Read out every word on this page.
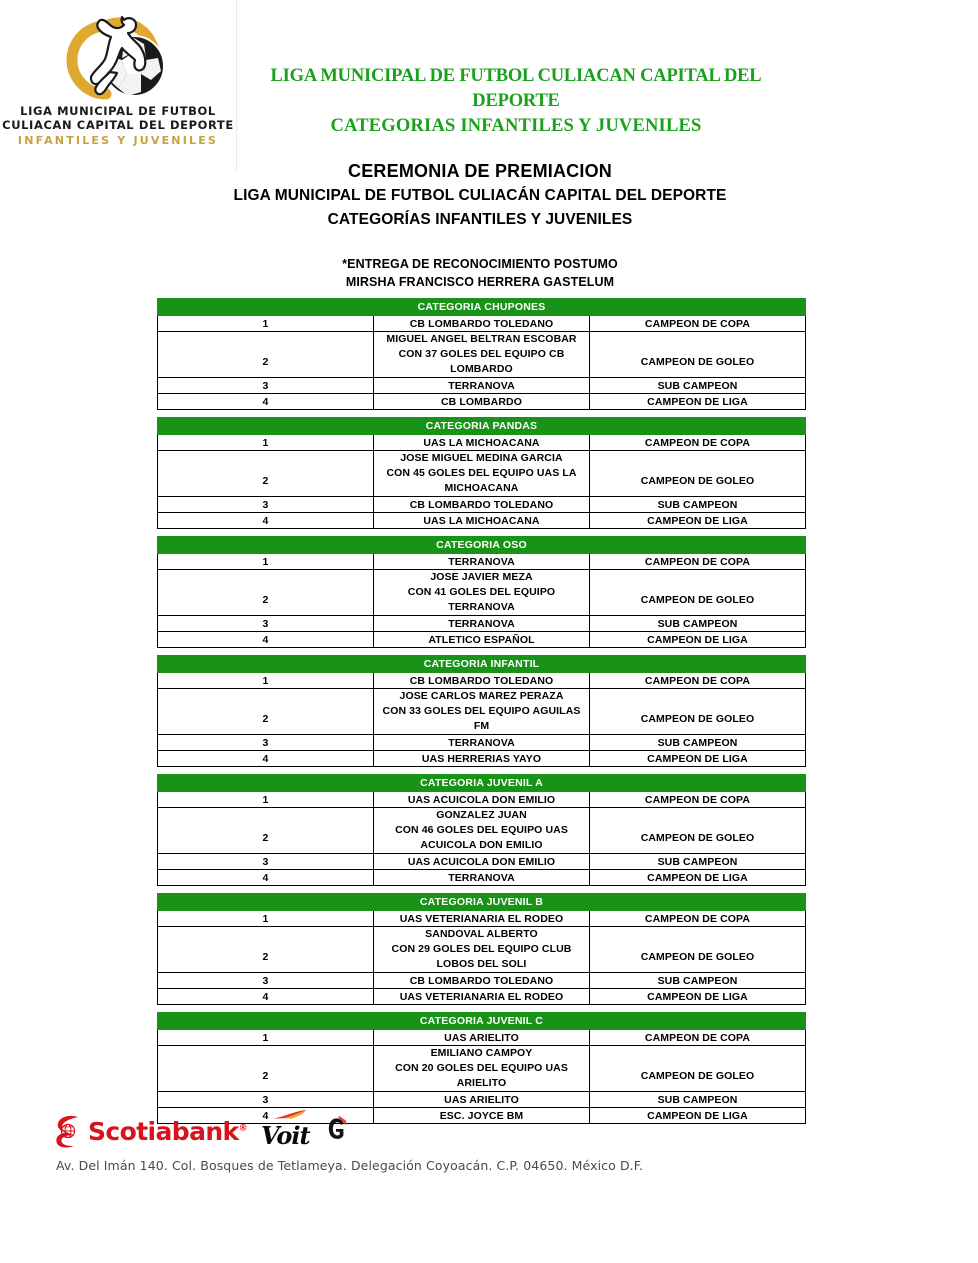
LIGA MUNICIPAL DE FUTBOL
CULIACAN CAPITAL DEL DEPORTE
INFANTILES Y JUVENILES
LIGA MUNICIPAL DE FUTBOL CULIACAN CAPITAL DEL DEPORTE
CATEGORIAS INFANTILES Y JUVENILES
CEREMONIA DE PREMIACION
LIGA MUNICIPAL DE FUTBOL CULIACÁN CAPITAL DEL DEPORTE
CATEGORÍAS INFANTILES Y JUVENILES
*ENTREGA DE RECONOCIMIENTO POSTUMO
MIRSHA FRANCISCO HERRERA GASTELUM
CATEGORIA CHUPONES		
1	CB LOMBARDO TOLEDANO	CAMPEON DE COPA

2	MIGUEL ANGEL BELTRAN ESCOBAR
CON 37 GOLES DEL EQUIPO CB LOMBARDO	CAMPEON DE GOLEO

3	TERRANOVA	SUB CAMPEON
4	CB LOMBARDO	CAMPEON DE LIGA
CATEGORIA PANDAS		
1	UAS LA MICHOACANA	CAMPEON DE COPA

2	JOSE MIGUEL MEDINA GARCIA
CON 45 GOLES DEL EQUIPO UAS LA MICHOACANA	CAMPEON DE GOLEO

3	CB LOMBARDO TOLEDANO	SUB CAMPEON
4	UAS LA MICHOACANA	CAMPEON DE LIGA
CATEGORIA OSO		
1	TERRANOVA	CAMPEON DE COPA

2	JOSE JAVIER MEZA
CON 41 GOLES DEL EQUIPO TERRANOVA	CAMPEON DE GOLEO

3	TERRANOVA	SUB CAMPEON
4	ATLETICO ESPAÑOL	CAMPEON DE LIGA
CATEGORIA INFANTIL		
1	CB LOMBARDO TOLEDANO	CAMPEON DE COPA

2	JOSE CARLOS MAREZ PERAZA
CON 33 GOLES DEL EQUIPO AGUILAS FM	CAMPEON DE GOLEO

3	TERRANOVA	SUB CAMPEON
4	UAS HERRERIAS YAYO	CAMPEON DE LIGA
CATEGORIA JUVENIL A		
1	UAS ACUICOLA DON EMILIO	CAMPEON DE COPA

2	GONZALEZ JUAN
CON 46 GOLES DEL EQUIPO UAS ACUICOLA DON EMILIO	CAMPEON DE GOLEO

3	UAS ACUICOLA DON EMILIO	SUB CAMPEON
4	TERRANOVA	CAMPEON DE LIGA
CATEGORIA JUVENIL B		
1	UAS VETERIANARIA EL RODEO	CAMPEON DE COPA

2	SANDOVAL ALBERTO
CON 29 GOLES DEL EQUIPO CLUB LOBOS DEL SOLI	CAMPEON DE GOLEO

3	CB LOMBARDO TOLEDANO	SUB CAMPEON
4	UAS VETERIANARIA EL RODEO	CAMPEON DE LIGA
CATEGORIA JUVENIL C		
1	UAS ARIELITO	CAMPEON DE COPA

2	EMILIANO CAMPOY
CON 20 GOLES DEL EQUIPO UAS ARIELITO	CAMPEON DE GOLEO

3	UAS ARIELITO	SUB CAMPEON
4	ESC. JOYCE BM	CAMPEON DE LIGA
Scotiabank® Voit
Av. Del Imán 140. Col. Bosques de Tetlameya. Delegación Coyoacán. C.P. 04650. México D.F.
